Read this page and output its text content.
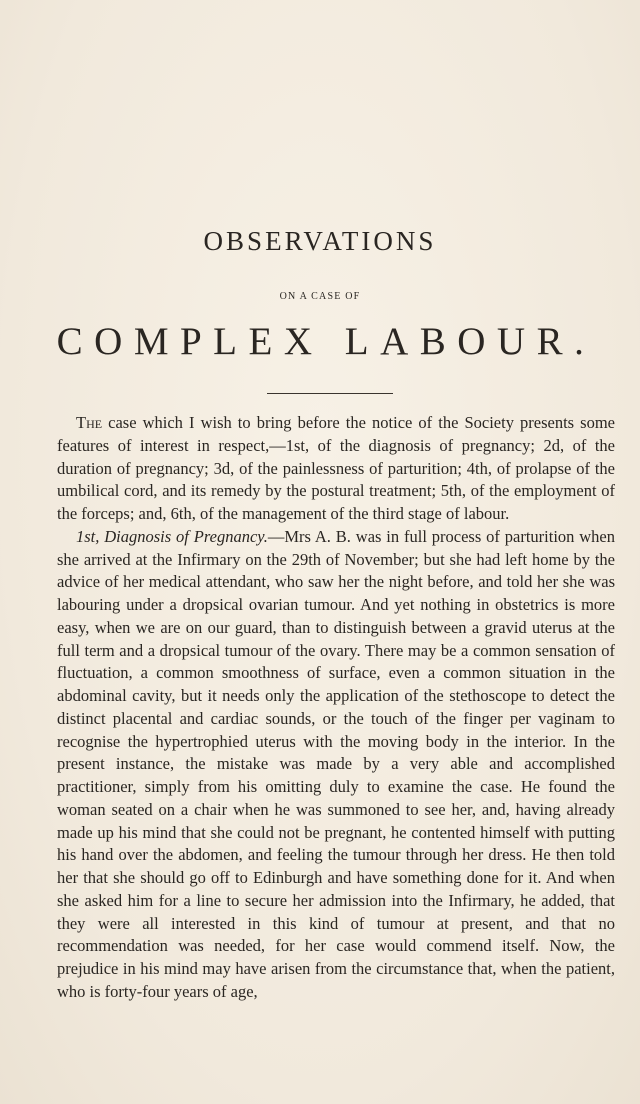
OBSERVATIONS
ON A CASE OF
COMPLEX LABOUR.

The case which I wish to bring before the notice of the Society presents some features of interest in respect,—1st, of the diagnosis of pregnancy; 2d, of the duration of pregnancy; 3d, of the painlessness of parturition; 4th, of prolapse of the umbilical cord, and its remedy by the postural treatment; 5th, of the employment of the forceps; and, 6th, of the management of the third stage of labour.

1st, Diagnosis of Pregnancy.—Mrs A. B. was in full process of parturition when she arrived at the Infirmary on the 29th of November; but she had left home by the advice of her medical attendant, who saw her the night before, and told her she was labouring under a dropsical ovarian tumour. And yet nothing in obstetrics is more easy, when we are on our guard, than to distinguish between a gravid uterus at the full term and a dropsical tumour of the ovary. There may be a common sensation of fluctuation, a common smoothness of surface, even a common situation in the abdominal cavity, but it needs only the application of the stethoscope to detect the distinct placental and cardiac sounds, or the touch of the finger per vaginam to recognise the hypertrophied uterus with the moving body in the interior. In the present instance, the mistake was made by a very able and accomplished practitioner, simply from his omitting duly to examine the case. He found the woman seated on a chair when he was summoned to see her, and, having already made up his mind that she could not be pregnant, he contented himself with putting his hand over the abdomen, and feeling the tumour through her dress. He then told her that she should go off to Edinburgh and have something done for it. And when she asked him for a line to secure her admission into the Infirmary, he added, that they were all interested in this kind of tumour at present, and that no recommendation was needed, for her case would commend itself. Now, the prejudice in his mind may have arisen from the circumstance that, when the patient, who is forty-four years of age,
